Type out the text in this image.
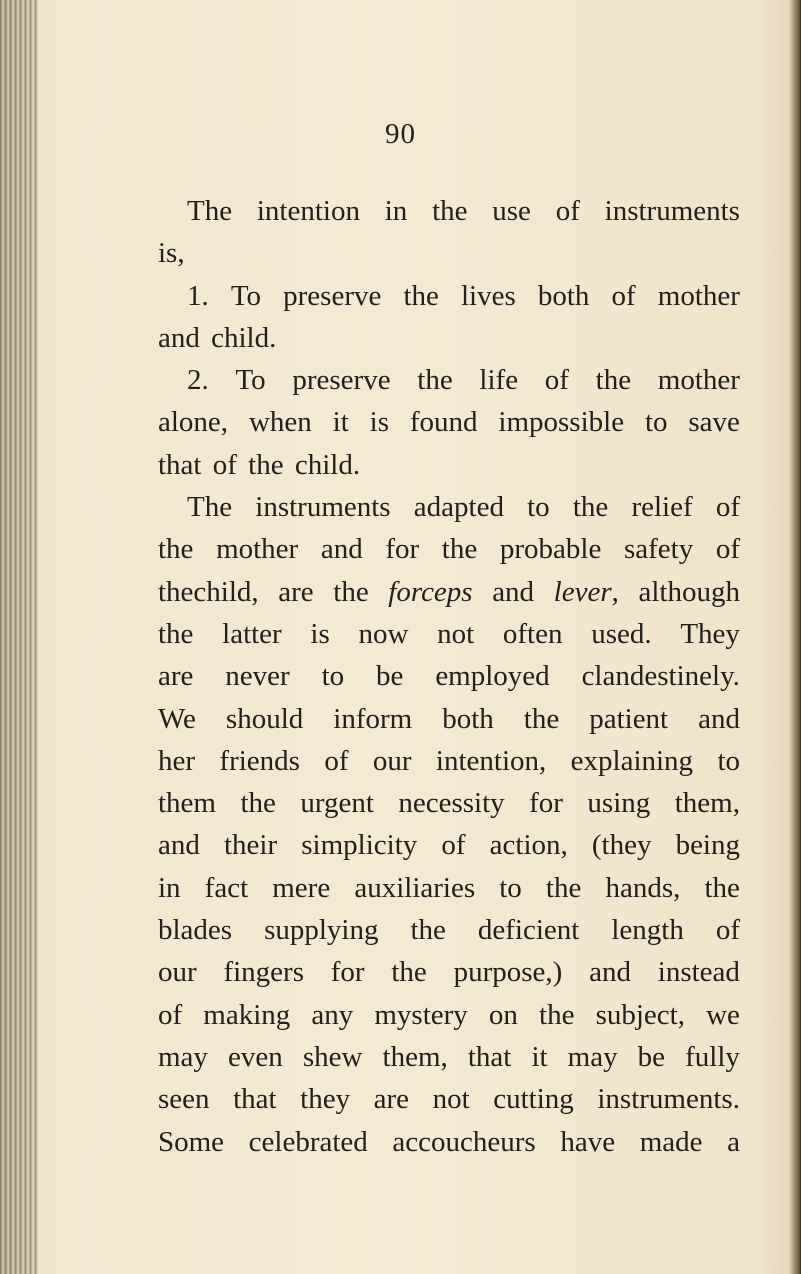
90
The intention in the use of instruments
is,
1. To preserve the lives both of mother
and child.
2. To preserve the life of the mother
alone, when it is found impossible to save
that of the child.
The instruments adapted to the relief of
the mother and for the probable safety of
thechild, are the forceps and lever, although
the latter is now not often used. They
are never to be employed clandestinely.
We should inform both the patient and
her friends of our intention, explaining to
them the urgent necessity for using them,
and their simplicity of action, (they being
in fact mere auxiliaries to the hands, the
blades supplying the deficient length of
our fingers for the purpose,) and instead
of making any mystery on the subject, we
may even shew them, that it may be fully
seen that they are not cutting instruments.
Some celebrated accoucheurs have made a
